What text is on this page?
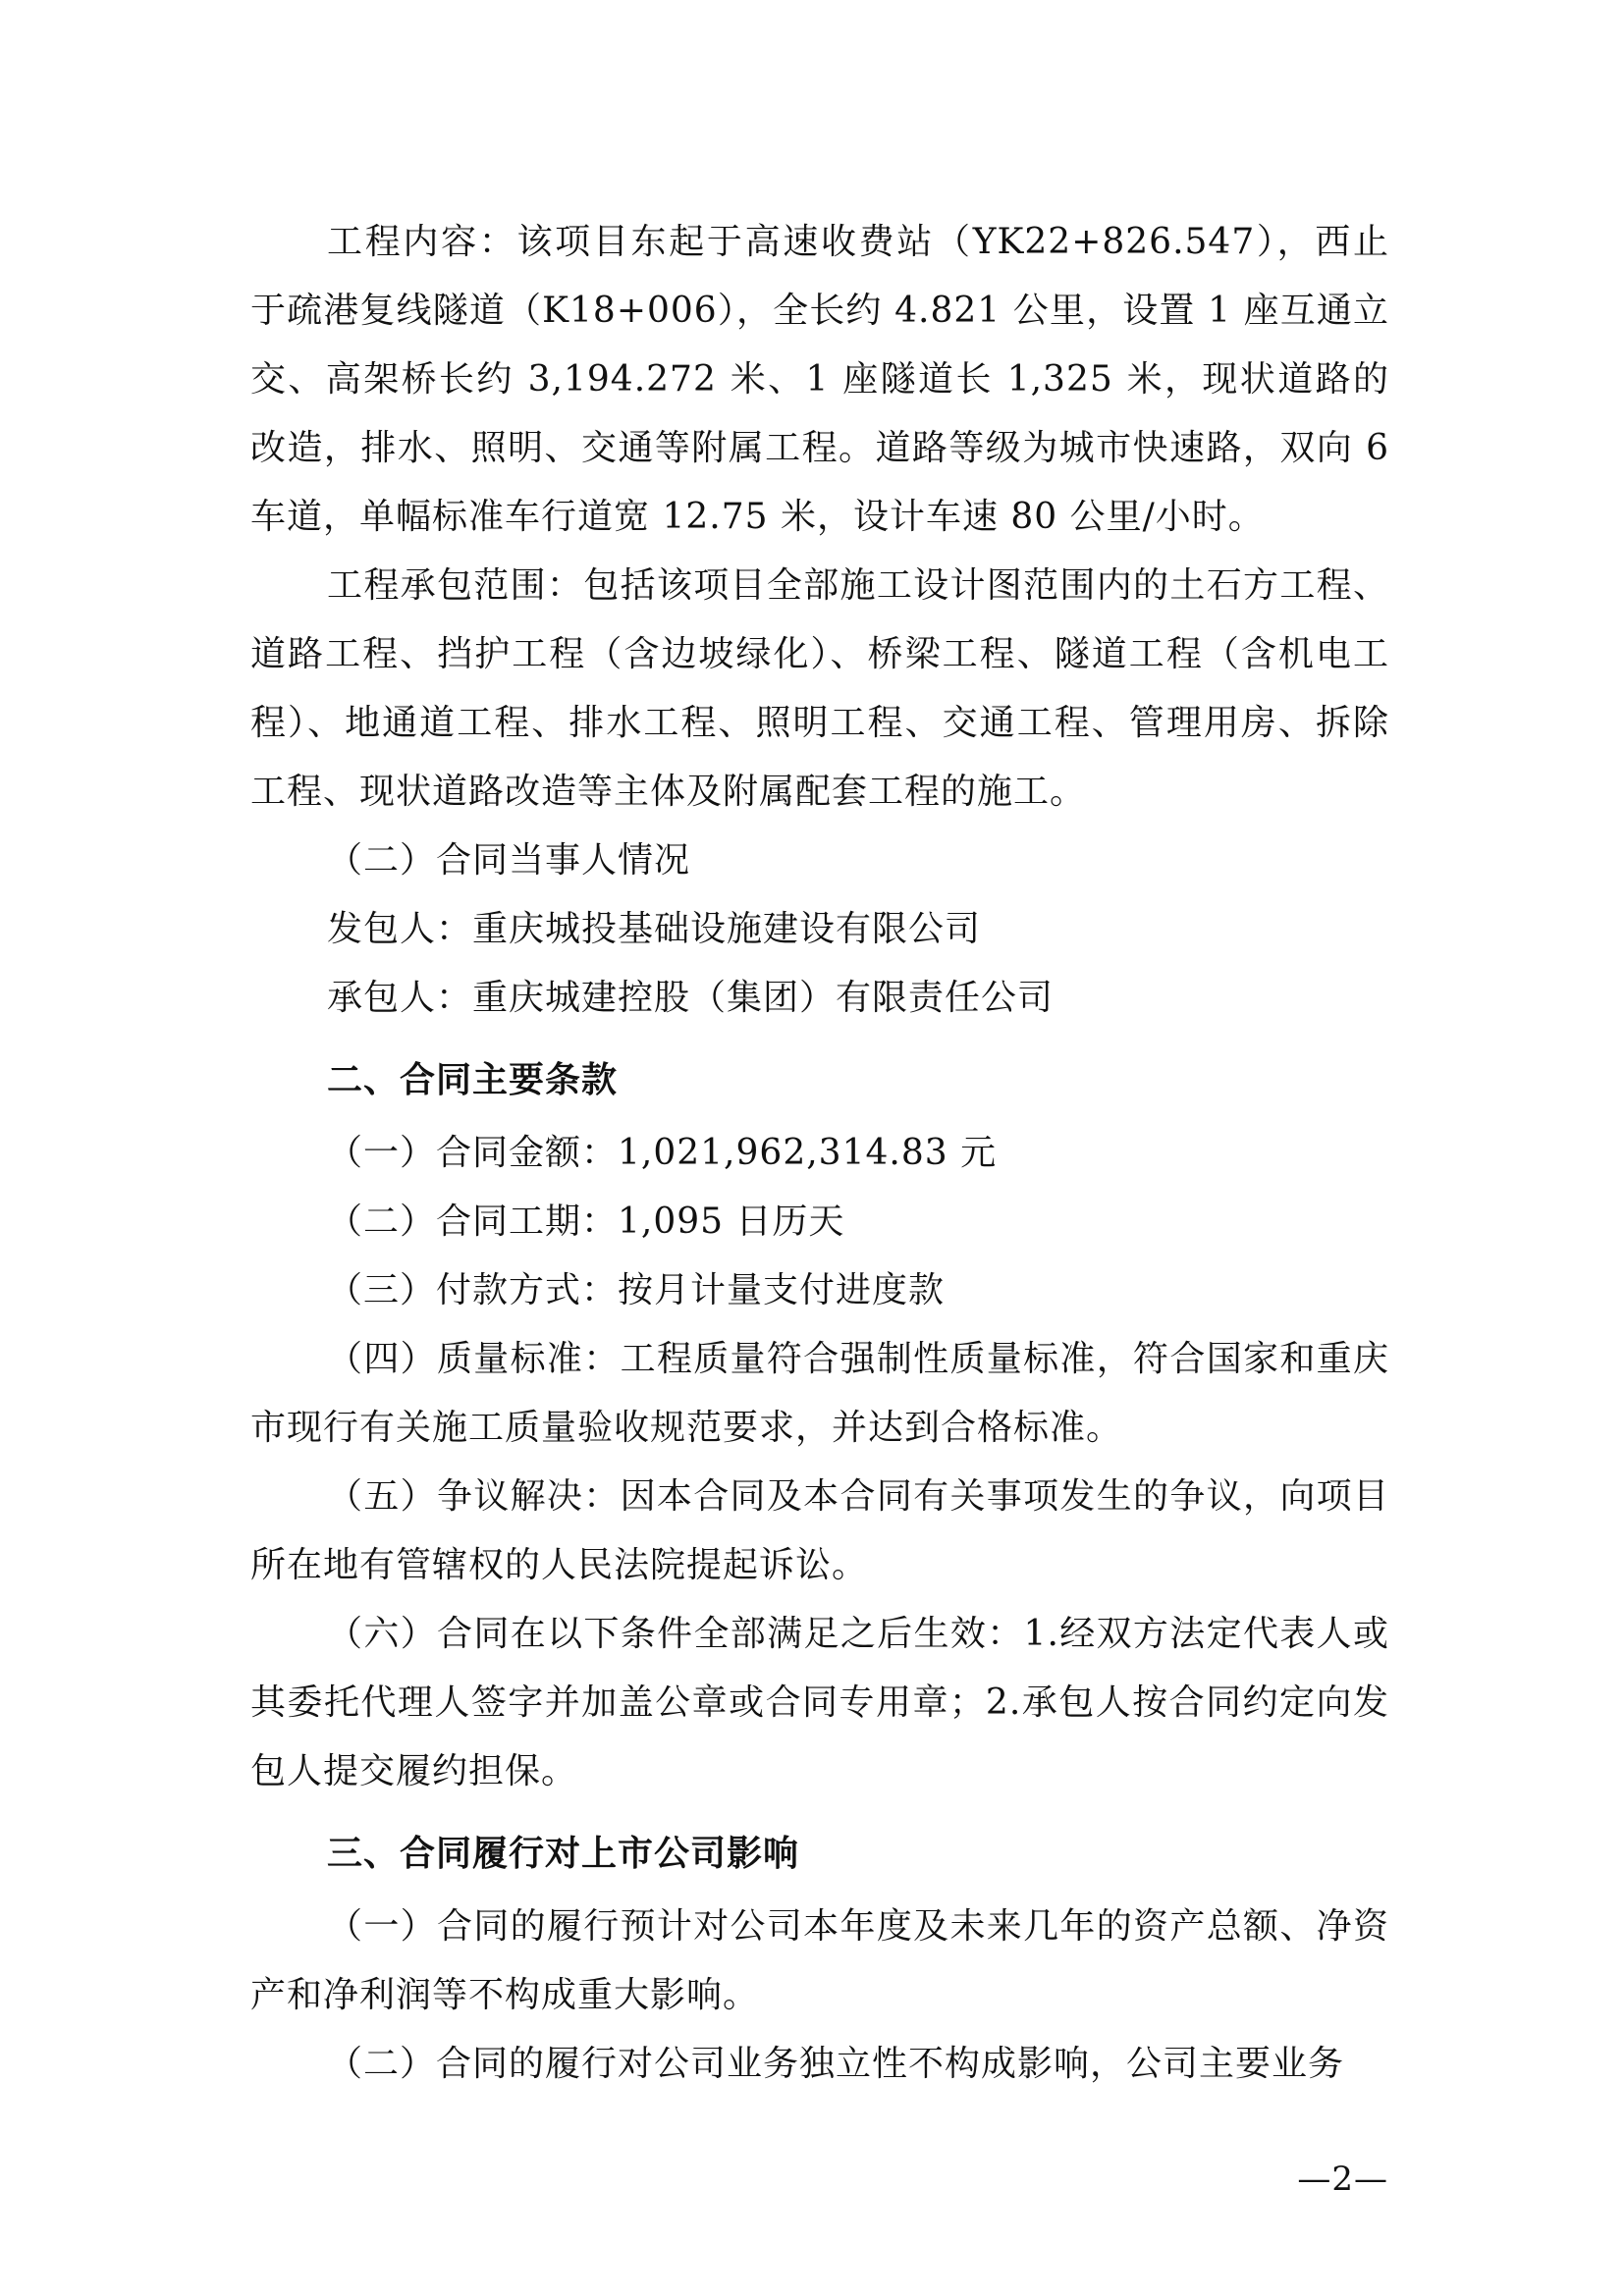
工程内容：该项目东起于高速收费站（YK22+826.547），西止于疏港复线隧道（K18+006），全长约 4.821 公里，设置 1 座互通立交、高架桥长约 3,194.272 米、1 座隧道长 1,325 米，现状道路的改造，排水、照明、交通等附属工程。道路等级为城市快速路，双向 6 车道，单幅标准车行道宽 12.75 米，设计车速 80 公里/小时。

工程承包范围：包括该项目全部施工设计图范围内的土石方工程、道路工程、挡护工程（含边坡绿化）、桥梁工程、隧道工程（含机电工程）、地通道工程、排水工程、照明工程、交通工程、管理用房、拆除工程、现状道路改造等主体及附属配套工程的施工。

（二）合同当事人情况

发包人：重庆城投基础设施建设有限公司

承包人：重庆城建控股（集团）有限责任公司

二、合同主要条款

（一）合同金额：1,021,962,314.83 元

（二）合同工期：1,095 日历天

（三）付款方式：按月计量支付进度款

（四）质量标准：工程质量符合强制性质量标准，符合国家和重庆市现行有关施工质量验收规范要求，并达到合格标准。

（五）争议解决：因本合同及本合同有关事项发生的争议，向项目所在地有管辖权的人民法院提起诉讼。

（六）合同在以下条件全部满足之后生效：1.经双方法定代表人或其委托代理人签字并加盖公章或合同专用章；2.承包人按合同约定向发包人提交履约担保。

三、合同履行对上市公司影响

（一）合同的履行预计对公司本年度及未来几年的资产总额、净资产和净利润等不构成重大影响。

（二）合同的履行对公司业务独立性不构成影响，公司主要业务

—2—
